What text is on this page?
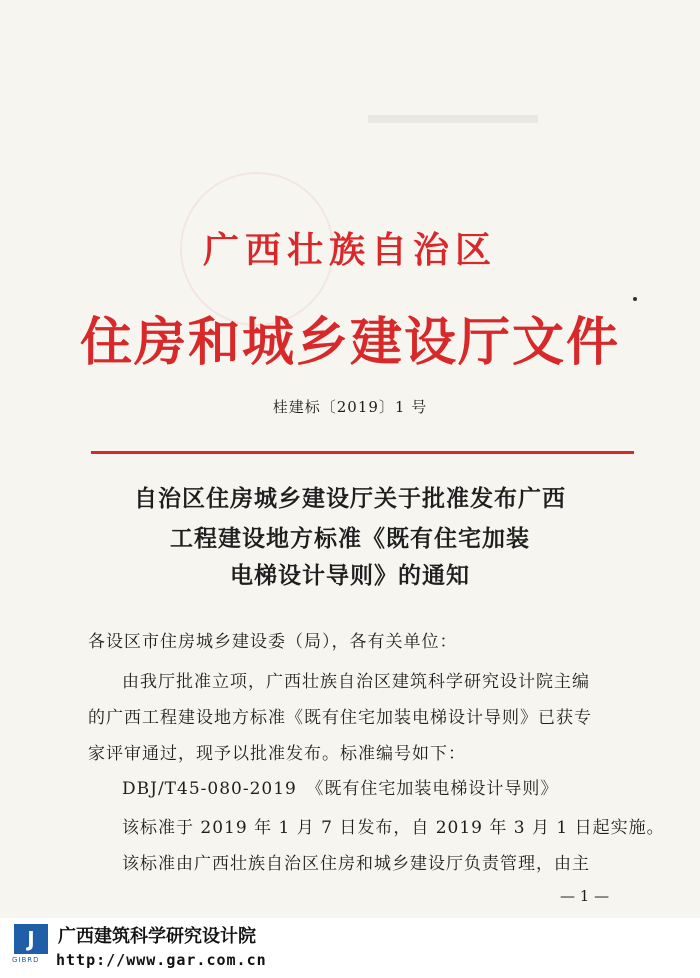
广西壮族自治区
住房和城乡建设厅文件
桂建标〔2019〕1 号
自治区住房城乡建设厅关于批准发布广西
工程建设地方标准《既有住宅加装
电梯设计导则》的通知
各设区市住房城乡建设委（局），各有关单位：
由我厅批准立项，广西壮族自治区建筑科学研究设计院主编
的广西工程建设地方标准《既有住宅加装电梯设计导则》已获专
家评审通过，现予以批准发布。标准编号如下：
DBJ/T45-080-2019　《既有住宅加装电梯设计导则》
该标准于 2019 年 1 月 7 日发布，自 2019 年 3 月 1 日起实施。
该标准由广西壮族自治区住房和城乡建设厅负责管理，由主
— 1 —
J
GIBRD
广西建筑科学研究设计院
http://www.gar.com.cn
